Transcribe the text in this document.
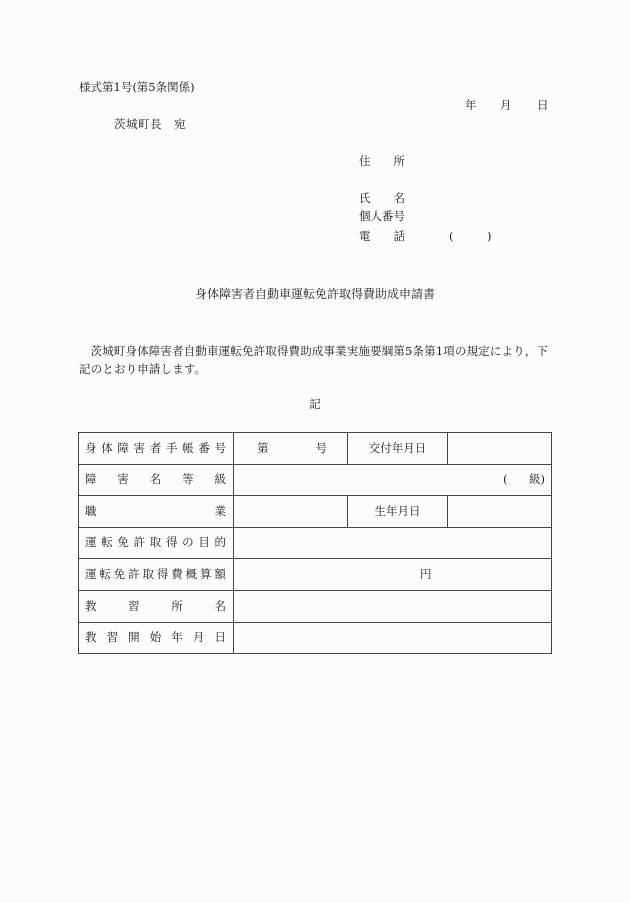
様式第1号(第5条関係)
年 月 日
茨城町長　宛
住 所
氏 名
個人番号
電 話	(	)
身体障害者自動車運転免許取得費助成申請書
茨城町身体障害者自動車運転免許取得費助成事業実施要綱第5条第1項の規定により，下記のとおり申請します。
記
身 体 障 害 者 手 帳 番 号	第	号	交付年月日	

障 害 名 等 級	( 級)		

職 業		生年月日	

運 転 免 許 取 得 の 目 的

運 転 免 許 取 得 費 概 算 額	円

教 習 所 名			

教 習 開 始 年 月 日
